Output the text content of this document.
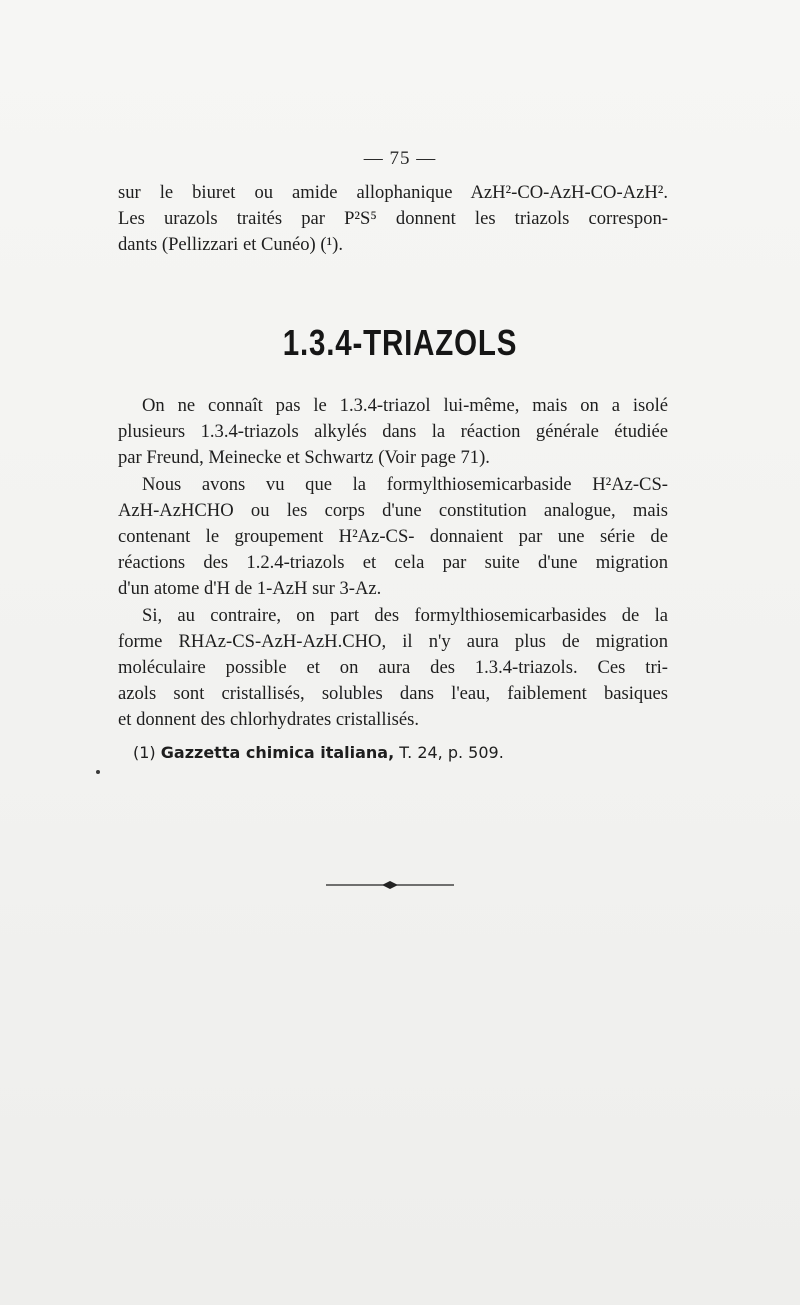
— 75 —
sur le biuret ou amide allophanique AzH²-CO-AzH-CO-AzH².
Les urazols traités par P²S⁵ donnent les triazols correspon-
dants (Pellizzari et Cunéo) (¹).
1.3.4-TRIAZOLS
On ne connaît pas le 1.3.4-triazol lui-même, mais on a isolé
plusieurs 1.3.4-triazols alkylés dans la réaction générale étudiée
par Freund, Meinecke et Schwartz (Voir page 71).
Nous avons vu que la formylthiosemicarbaside H²Az-CS-
AzH-AzHCHO ou les corps d'une constitution analogue, mais
contenant le groupement H²Az-CS- donnaient par une série de
réactions des 1.2.4-triazols et cela par suite d'une migration
d'un atome d'H de 1-AzH sur 3-Az.
Si, au contraire, on part des formylthiosemicarbasides de la
forme RHAz-CS-AzH-AzH.CHO, il n'y aura plus de migration
moléculaire possible et on aura des 1.3.4-triazols. Ces tri-
azols sont cristallisés, solubles dans l'eau, faiblement basiques
et donnent des chlorhydrates cristallisés.
(1) Gazzetta chimica italiana, T. 24, p. 509.
